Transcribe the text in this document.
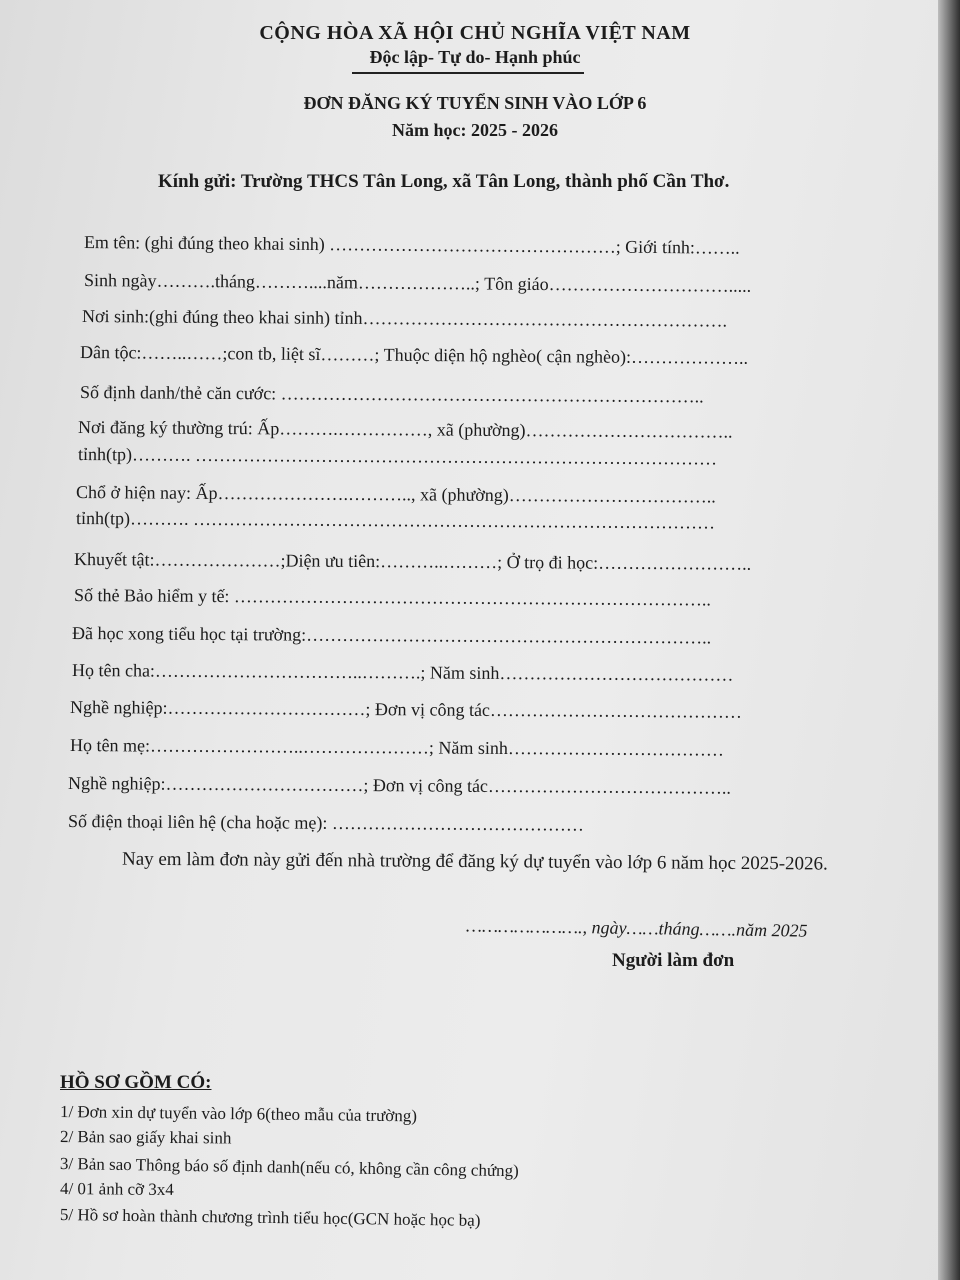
CỘNG HÒA XÃ HỘI CHỦ NGHĨA VIỆT NAM
Độc lập- Tự do- Hạnh phúc
ĐƠN ĐĂNG KÝ TUYỂN SINH VÀO LỚP 6
Năm học: 2025 - 2026
Kính gửi: Trường THCS Tân Long, xã Tân Long, thành phố Cần Thơ.
Em tên: (ghi đúng theo khai sinh) …………………………………………; Giới tính:……..
Sinh ngày……….tháng………....năm………………..; Tôn giáo………………………….....
Nơi sinh:(ghi đúng theo khai sinh) tỉnh…………………………………………………….
Dân tộc:……..……;con tb, liệt sĩ………; Thuộc diện hộ nghèo( cận nghèo):………………..
Số định danh/thẻ căn cước: ……………………………………………………………..
Nơi đăng ký thường trú: Ấp……….……………, xã (phường)……………………………..
tỉnh(tp)………. ……………………………………………………………………………
Chổ ở hiện nay: Ấp………………….……….., xã (phường)……………………………..
tỉnh(tp)………. ……………………………………………………………………………
Khuyết tật:…………………;Diện ưu tiên:………..………; Ở trọ đi học:……………………..
Số thẻ Bảo hiểm y tế: ……………………………………………………………………..
Đã học xong tiểu học tại trường:…………………………………………………………..
Họ tên cha:……………………………..……….; Năm sinh…………………………………
Nghề nghiệp:……………………………; Đơn vị công tác……………………………………
Họ tên mẹ:……………………..…………………; Năm sinh………………………………
Nghề nghiệp:……………………………; Đơn vị công tác…………………………………..
Số điện thoại liên hệ (cha hoặc mẹ): ……………………………………
Nay em làm đơn này gửi đến nhà trường để đăng ký dự tuyển vào lớp 6 năm học 2025-2026.
…………………., ngày……tháng…….năm 2025
Người làm đơn
HỒ SƠ GỒM CÓ:
1/ Đơn xin dự tuyển vào lớp 6(theo mẫu của trường)
2/ Bản sao giấy khai sinh
3/ Bản sao Thông báo số định danh(nếu có, không cần công chứng)
4/ 01 ảnh cỡ 3x4
5/ Hồ sơ hoàn thành chương trình tiểu học(GCN hoặc học bạ)
